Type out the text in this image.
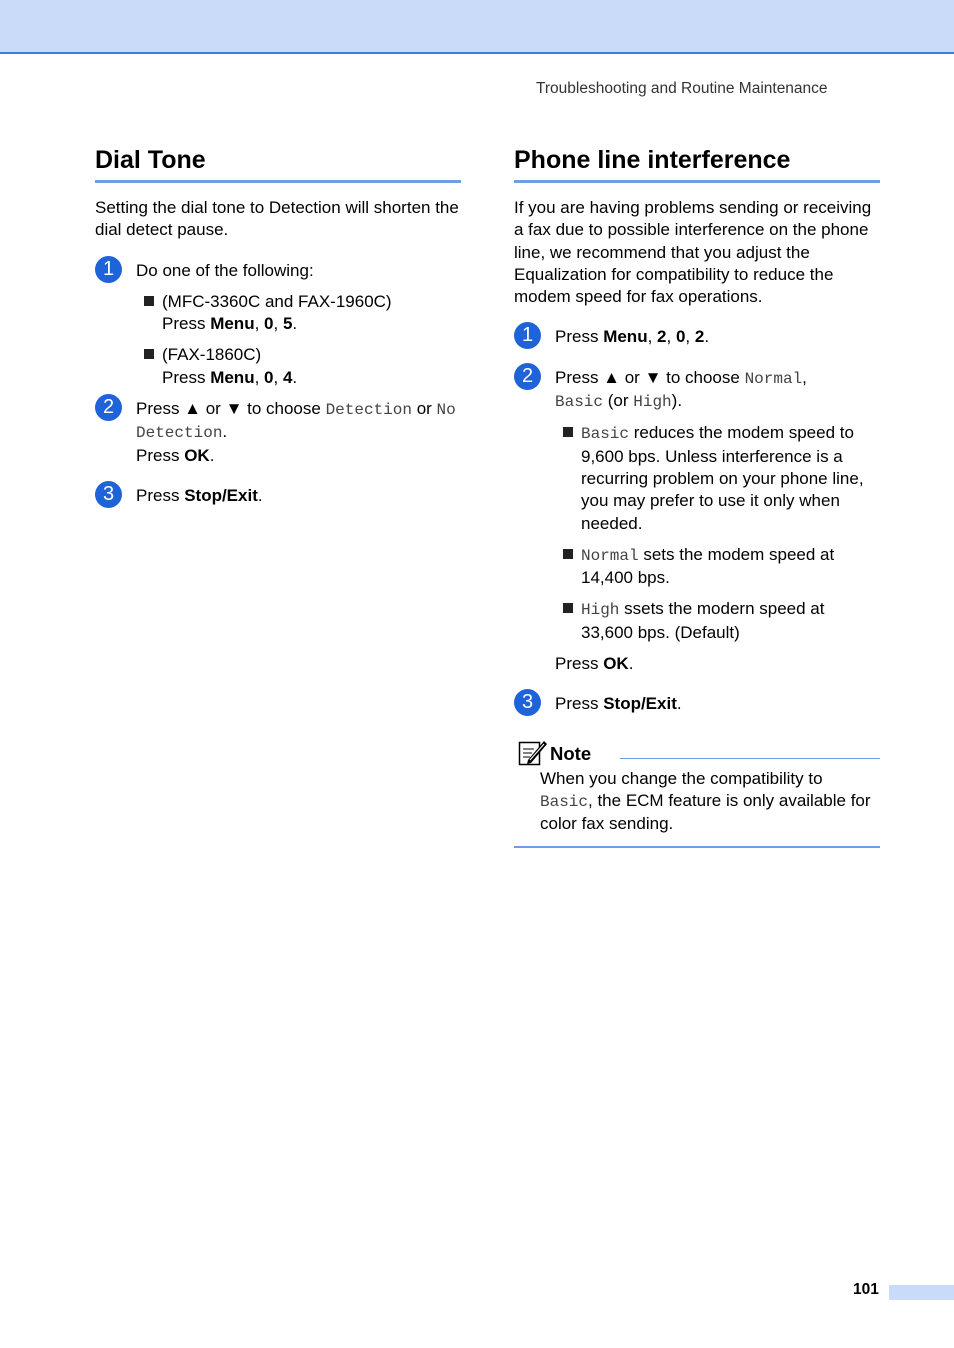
Troubleshooting and Routine Maintenance
Dial Tone

Setting the dial tone to Detection will shorten the dial detect pause.

1	Do one of the following:
(MFC-3360C and FAX-1960C)
Press Menu, 0, 5.
(FAX-1860C)
Press Menu, 0, 4.
2	Press ▲ or ▼ to choose Detection or No Detection.
Press OK.
3	Press Stop/Exit.
Phone line interference

If you are having problems sending or receiving a fax due to possible interference on the phone line, we recommend that you adjust the Equalization for compatibility to reduce the modem speed for fax operations.

1	Press Menu, 2, 0, 2.
2	Press ▲ or ▼ to choose Normal,
Basic (or High).
Basic reduces the modem speed to 9,600 bps. Unless interference is a recurring problem on your phone line, you may prefer to use it only when needed.
Normal sets the modem speed at 14,400 bps.
High ssets the modern speed at 33,600 bps. (Default)
Press OK.
3	Press Stop/Exit.
Note
When you change the compatibility to Basic, the ECM feature is only available for color fax sending.
101
